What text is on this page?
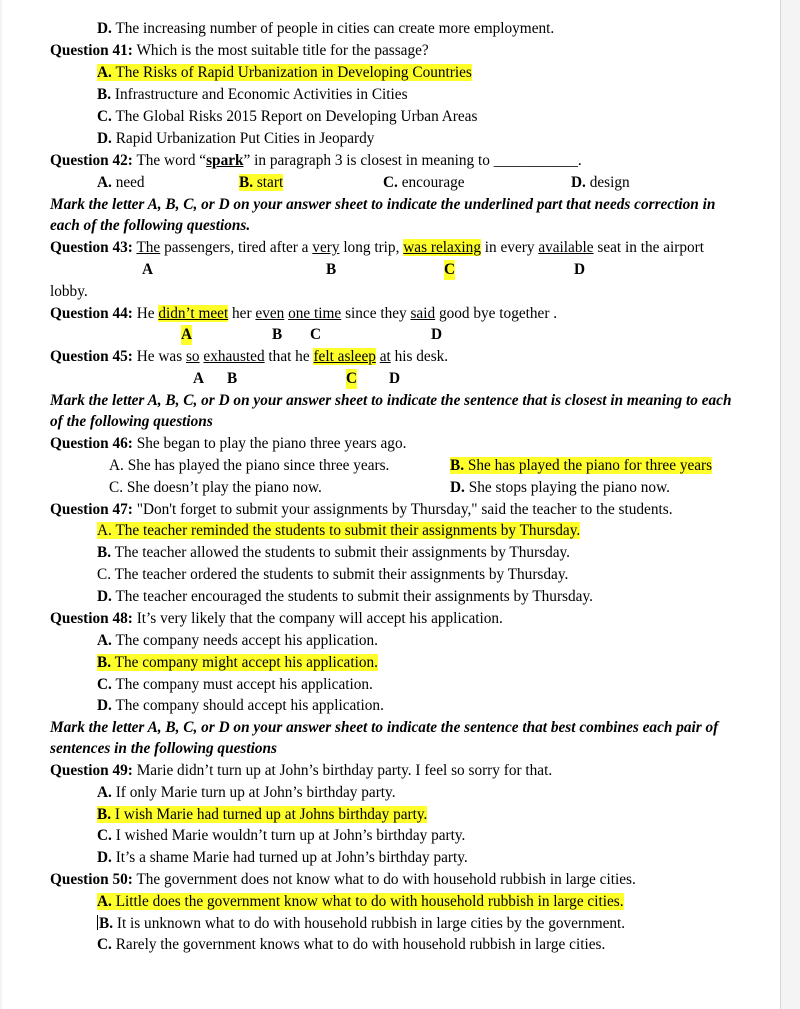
D. The increasing number of people in cities can create more employment.
Question 41: Which is the most suitable title for the passage?
A. The Risks of Rapid Urbanization in Developing Countries
B. Infrastructure and Economic Activities in Cities
C. The Global Risks 2015 Report on Developing Urban Areas
D. Rapid Urbanization Put Cities in Jeopardy
Question 42: The word “spark” in paragraph 3 is closest in meaning to ___________.
A. need	B. start	C. encourage	D. design
Mark the letter A, B, C, or D on your answer sheet to indicate the underlined part that needs correction in
each of the following questions.
Question 43: The passengers, tired after a very long trip, was relaxing in every available seat in the airport
A	B	C	D
lobby.
Question 44: He didn’t meet her even one time since they said good bye together .
A	B C	D
Question 45: He was so exhausted that he felt asleep at his desk.
A B	C D
Mark the letter A, B, C, or D on your answer sheet to indicate the sentence that is closest in meaning to each
of the following questions
Question 46: She began to play the piano three years ago.
A. She has played the piano since three years.	B. She has played the piano for three years
C. She doesn’t play the piano now.	D. She stops playing the piano now.
Question 47: "Don't forget to submit your assignments by Thursday," said the teacher to the students.
A. The teacher reminded the students to submit their assignments by Thursday.
B. The teacher allowed the students to submit their assignments by Thursday.
C. The teacher ordered the students to submit their assignments by Thursday.
D. The teacher encouraged the students to submit their assignments by Thursday.
Question 48: It’s very likely that the company will accept his application.
A. The company needs accept his application.
B. The company might accept his application.
C. The company must accept his application.
D. The company should accept his application.
Mark the letter A, B, C, or D on your answer sheet to indicate the sentence that best combines each pair of
sentences in the following questions
Question 49: Marie didn’t turn up at John’s birthday party. I feel so sorry for that.
A. If only Marie turn up at John’s birthday party.
B. I wish Marie had turned up at Johns birthday party.
C. I wished Marie wouldn’t turn up at John’s birthday party.
D. It’s a shame Marie had turned up at John’s birthday party.
Question 50: The government does not know what to do with household rubbish in large cities.
A. Little does the government know what to do with household rubbish in large cities.
B. It is unknown what to do with household rubbish in large cities by the government.
C. Rarely the government knows what to do with household rubbish in large cities.
